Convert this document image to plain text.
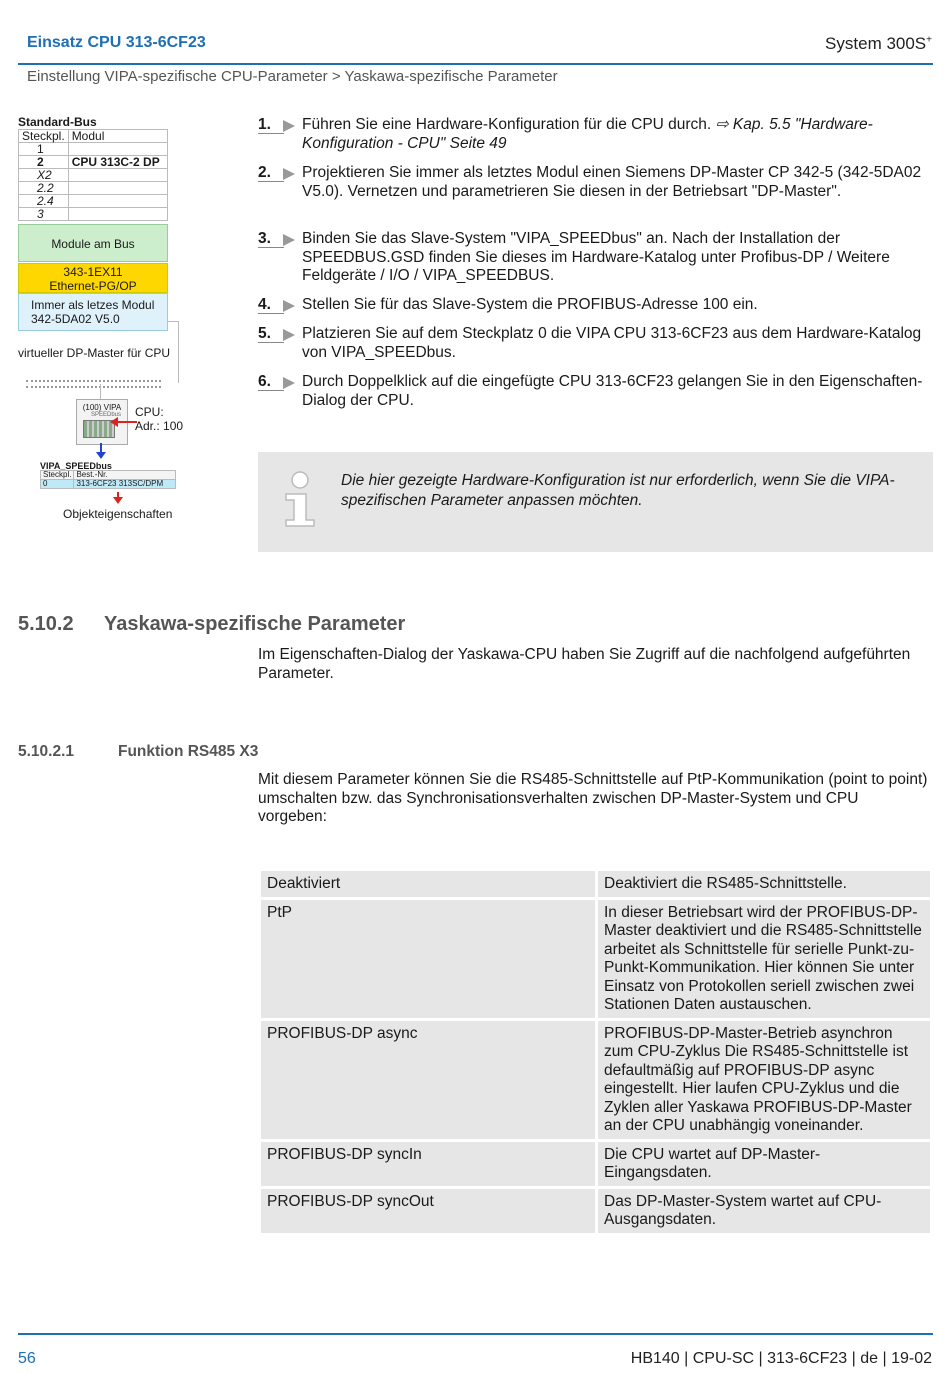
Einsatz CPU 313-6CF23	System 300S+
Einstellung VIPA-spezifische CPU-Parameter > Yaskawa-spezifische Parameter
Standard-Bus
Steckpl.	Modul
1	
2	CPU 313C-2 DP
X2	
2.2	
2.4	
3	
Module am Bus
343-1EX11
Ethernet-PG/OP
Immer als letzes Modul
342-5DA02 V5.0
virtueller DP-Master für CPU
(100) VIPA
SPEEDbus	CPU:
Adr.: 100
VIPA_SPEEDbus
Steckpl.	Best.-Nr.
0	313-6CF23 313SC/DPM
Objekteigenschaften
1.	Führen Sie eine Hardware-Konfiguration für die CPU durch. ⇨ Kap. 5.5 "Hardware-Konfiguration - CPU" Seite 49
2.	Projektieren Sie immer als letztes Modul einen Siemens DP-Master CP 342-5 (342-5DA02 V5.0). Vernetzen und parametrieren Sie diesen in der Betriebsart "DP-Master".
3.	Binden Sie das Slave-System "VIPA_SPEEDbus" an. Nach der Installation der SPEEDBUS.GSD finden Sie dieses im Hardware-Katalog unter Profibus-DP / Weitere Feldgeräte / I/O / VIPA_SPEEDBUS.
4.	Stellen Sie für das Slave-System die PROFIBUS-Adresse 100 ein.
5.	Platzieren Sie auf dem Steckplatz 0 die VIPA CPU 313-6CF23 aus dem Hardware-Katalog von VIPA_SPEEDbus.
6.	Durch Doppelklick auf die eingefügte CPU 313-6CF23 gelangen Sie in den Eigenschaften-Dialog der CPU.
Die hier gezeigte Hardware-Konfiguration ist nur erforderlich, wenn Sie die VIPA-spezifischen Parameter anpassen möchten.
5.10.2 Yaskawa-spezifische Parameter
Im Eigenschaften-Dialog der Yaskawa-CPU haben Sie Zugriff auf die nachfolgend aufgeführten Parameter.
5.10.2.1	Funktion RS485 X3
Mit diesem Parameter können Sie die RS485-Schnittstelle auf PtP-Kommunikation (point to point) umschalten bzw. das Synchronisationsverhalten zwischen DP-Master-System und CPU vorgeben:
Deaktiviert	Deaktiviert die RS485-Schnittstelle.
PtP	In dieser Betriebsart wird der PROFIBUS-DP-Master deaktiviert und die RS485-Schnittstelle arbeitet als Schnittstelle für serielle Punkt-zu-Punkt-Kommunikation. Hier können Sie unter Einsatz von Protokollen seriell zwischen zwei Stationen Daten austauschen.
PROFIBUS-DP async	PROFIBUS-DP-Master-Betrieb asynchron zum CPU-Zyklus Die RS485-Schnittstelle ist defaultmäßig auf PROFIBUS-DP async eingestellt. Hier laufen CPU-Zyklus und die Zyklen aller Yaskawa PROFIBUS-DP-Master an der CPU unabhängig voneinander.
PROFIBUS-DP syncIn	Die CPU wartet auf DP-Master-Eingangsdaten.
PROFIBUS-DP syncOut	Das DP-Master-System wartet auf CPU-Ausgangsdaten.
56	HB140 | CPU-SC | 313-6CF23 | de | 19-02
